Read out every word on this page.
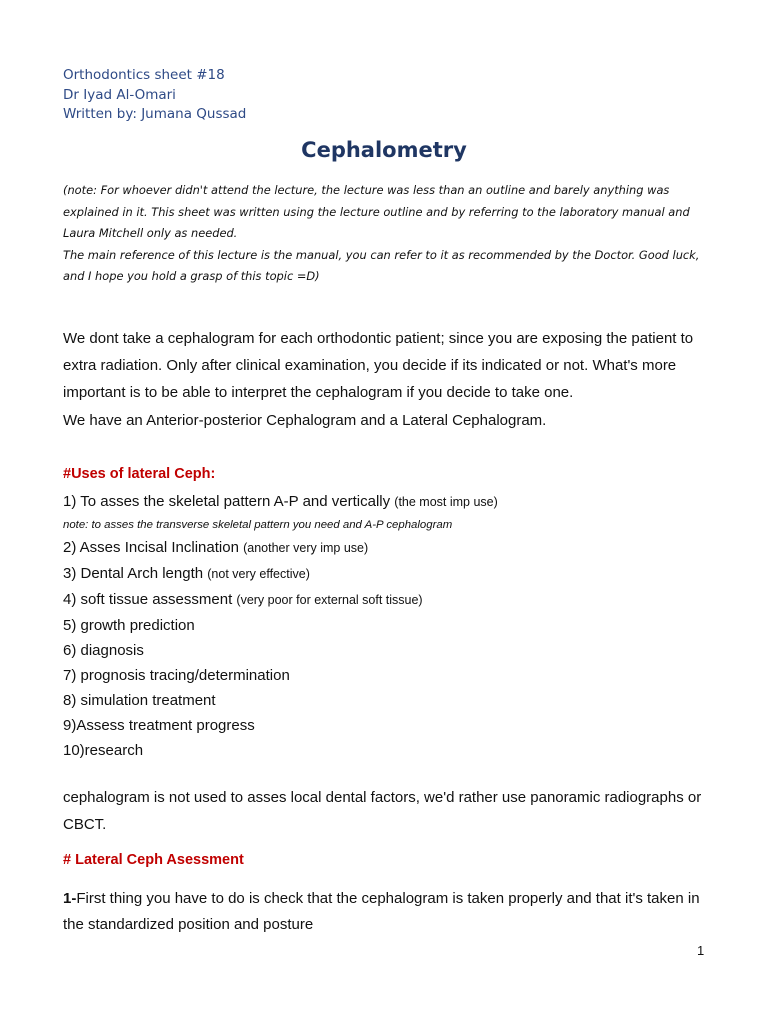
Orthodontics sheet #18
Dr Iyad Al-Omari
Written by: Jumana Qussad
Cephalometry

(note: For whoever didn't attend the lecture, the lecture was less than an outline and barely anything was explained in it. This sheet was written using the lecture outline and by referring to the laboratory manual and Laura Mitchell only as needed.

The main reference of this lecture is the manual, you can refer to it as recommended by the Doctor. Good luck, and I hope you hold a grasp of this topic =D)

We dont take a cephalogram for each orthodontic patient; since you are exposing the patient to extra radiation. Only after clinical examination, you decide if its indicated or not. What's more important is to be able to interpret the cephalogram if you decide to take one.

We have an Anterior-posterior Cephalogram and a Lateral Cephalogram.

#Uses of lateral Ceph:
1) To asses the skeletal pattern A-P and vertically (the most imp use)
note: to asses the transverse skeletal pattern you need and A-P cephalogram
2) Asses Incisal Inclination (another very imp use)
3) Dental Arch length (not very effective)
4) soft tissue assessment (very poor for external soft tissue)
5) growth prediction
6) diagnosis
7) prognosis tracing/determination
8) simulation treatment
9)Assess treatment progress
10)research

cephalogram is not used to asses local dental factors, we'd rather use panoramic radiographs or CBCT.

# Lateral Ceph Asessment

1-First thing you have to do is check that the cephalogram is taken properly and that it's taken in the standardized position and posture

1
